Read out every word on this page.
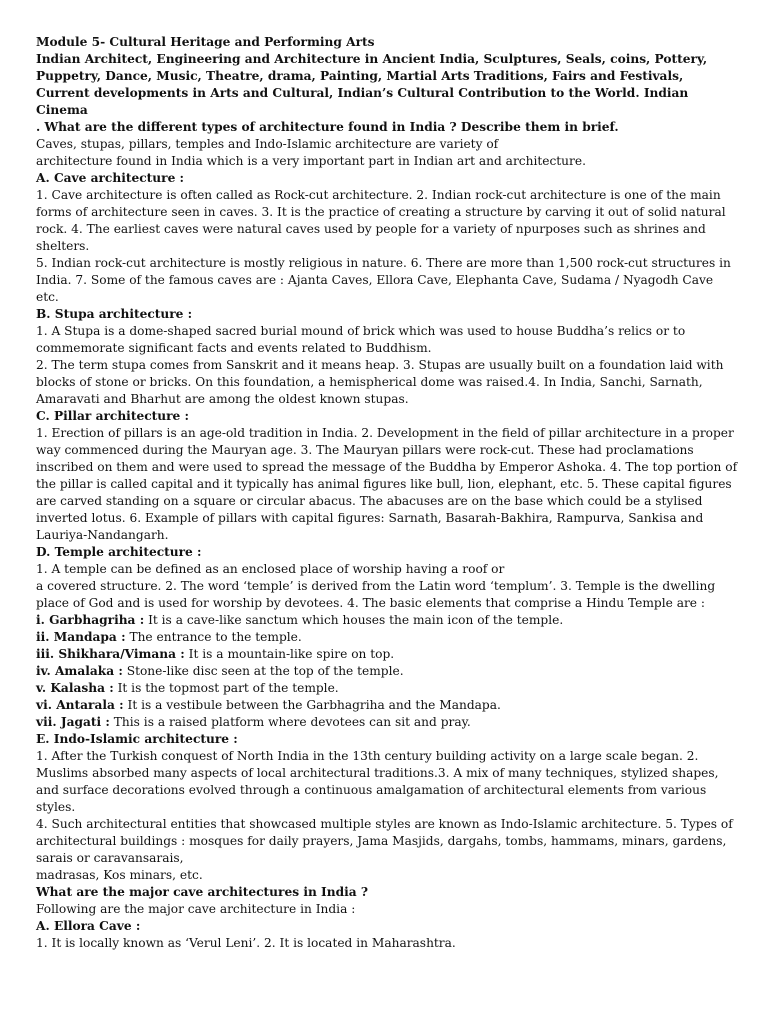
Module 5- Cultural Heritage and Performing Arts

Indian Architect, Engineering and Architecture in Ancient India, Sculptures, Seals, coins, Pottery, Puppetry, Dance, Music, Theatre, drama, Painting, Martial Arts Traditions, Fairs and Festivals, Current developments in Arts and Cultural, Indian’s Cultural Contribution to the World. Indian Cinema

. What are the different types of architecture found in India ? Describe them in brief.

Caves, stupas, pillars, temples and Indo-Islamic architecture are variety of

architecture found in India which is a very important part in Indian art and architecture.

A. Cave architecture :

1. Cave architecture is often called as Rock-cut architecture. 2. Indian rock-cut architecture is one of the main forms of architecture seen in caves. 3. It is the practice of creating a structure by carving it out of solid natural rock. 4. The earliest caves were natural caves used by people for a variety of npurposes such as shrines and shelters.

5. Indian rock-cut architecture is mostly religious in nature. 6. There are more than 1,500 rock-cut structures in India. 7. Some of the famous caves are : Ajanta Caves, Ellora Cave, Elephanta Cave, Sudama / Nyagodh Cave etc.

B. Stupa architecture :

1. A Stupa is a dome-shaped sacred burial mound of brick which was used to house Buddha’s relics or to commemorate significant facts and events related to Buddhism.

2. The term stupa comes from Sanskrit and it means heap. 3. Stupas are usually built on a foundation laid with blocks of stone or bricks. On this foundation, a hemispherical dome was raised.4. In India, Sanchi, Sarnath, Amaravati and Bharhut are among the oldest known stupas.

C. Pillar architecture :

1. Erection of pillars is an age-old tradition in India. 2. Development in the field of pillar architecture in a proper way commenced during the Mauryan age. 3. The Mauryan pillars were rock-cut. These had proclamations inscribed on them and were used to spread the message of the Buddha by Emperor Ashoka. 4. The top portion of the pillar is called capital and it typically has animal figures like bull, lion, elephant, etc. 5. These capital figures are carved standing on a square or circular abacus. The abacuses are on the base which could be a stylised inverted lotus. 6. Example of pillars with capital figures: Sarnath, Basarah-Bakhira, Rampurva, Sankisa and Lauriya-Nandangarh.

D. Temple architecture :

1. A temple can be defined as an enclosed place of worship having a roof or

a covered structure. 2. The word ‘temple’ is derived from the Latin word ‘templum’. 3. Temple is the dwelling place of God and is used for worship by devotees. 4. The basic elements that comprise a Hindu Temple are :

i. Garbhagriha : It is a cave-like sanctum which houses the main icon of the temple.

ii. Mandapa : The entrance to the temple.

iii. Shikhara/Vimana : It is a mountain-like spire on top.

iv. Amalaka : Stone-like disc seen at the top of the temple.

v. Kalasha : It is the topmost part of the temple.

vi. Antarala : It is a vestibule between the Garbhagriha and the Mandapa.

vii. Jagati : This is a raised platform where devotees can sit and pray.

E. Indo-Islamic architecture :

1. After the Turkish conquest of North India in the 13th century building activity on a large scale began. 2. Muslims absorbed many aspects of local architectural traditions.3. A mix of many techniques, stylized shapes, and surface decorations evolved through a continuous amalgamation of architectural elements from various styles.

4. Such architectural entities that showcased multiple styles are known as Indo-Islamic architecture. 5. Types of architectural buildings : mosques for daily prayers, Jama Masjids, dargahs, tombs, hammams, minars, gardens, sarais or caravansarais,

madrasas, Kos minars, etc.

What are the major cave architectures in India ?

Following are the major cave architecture in India :

A. Ellora Cave :

1. It is locally known as ‘Verul Leni’. 2. It is located in Maharashtra.
